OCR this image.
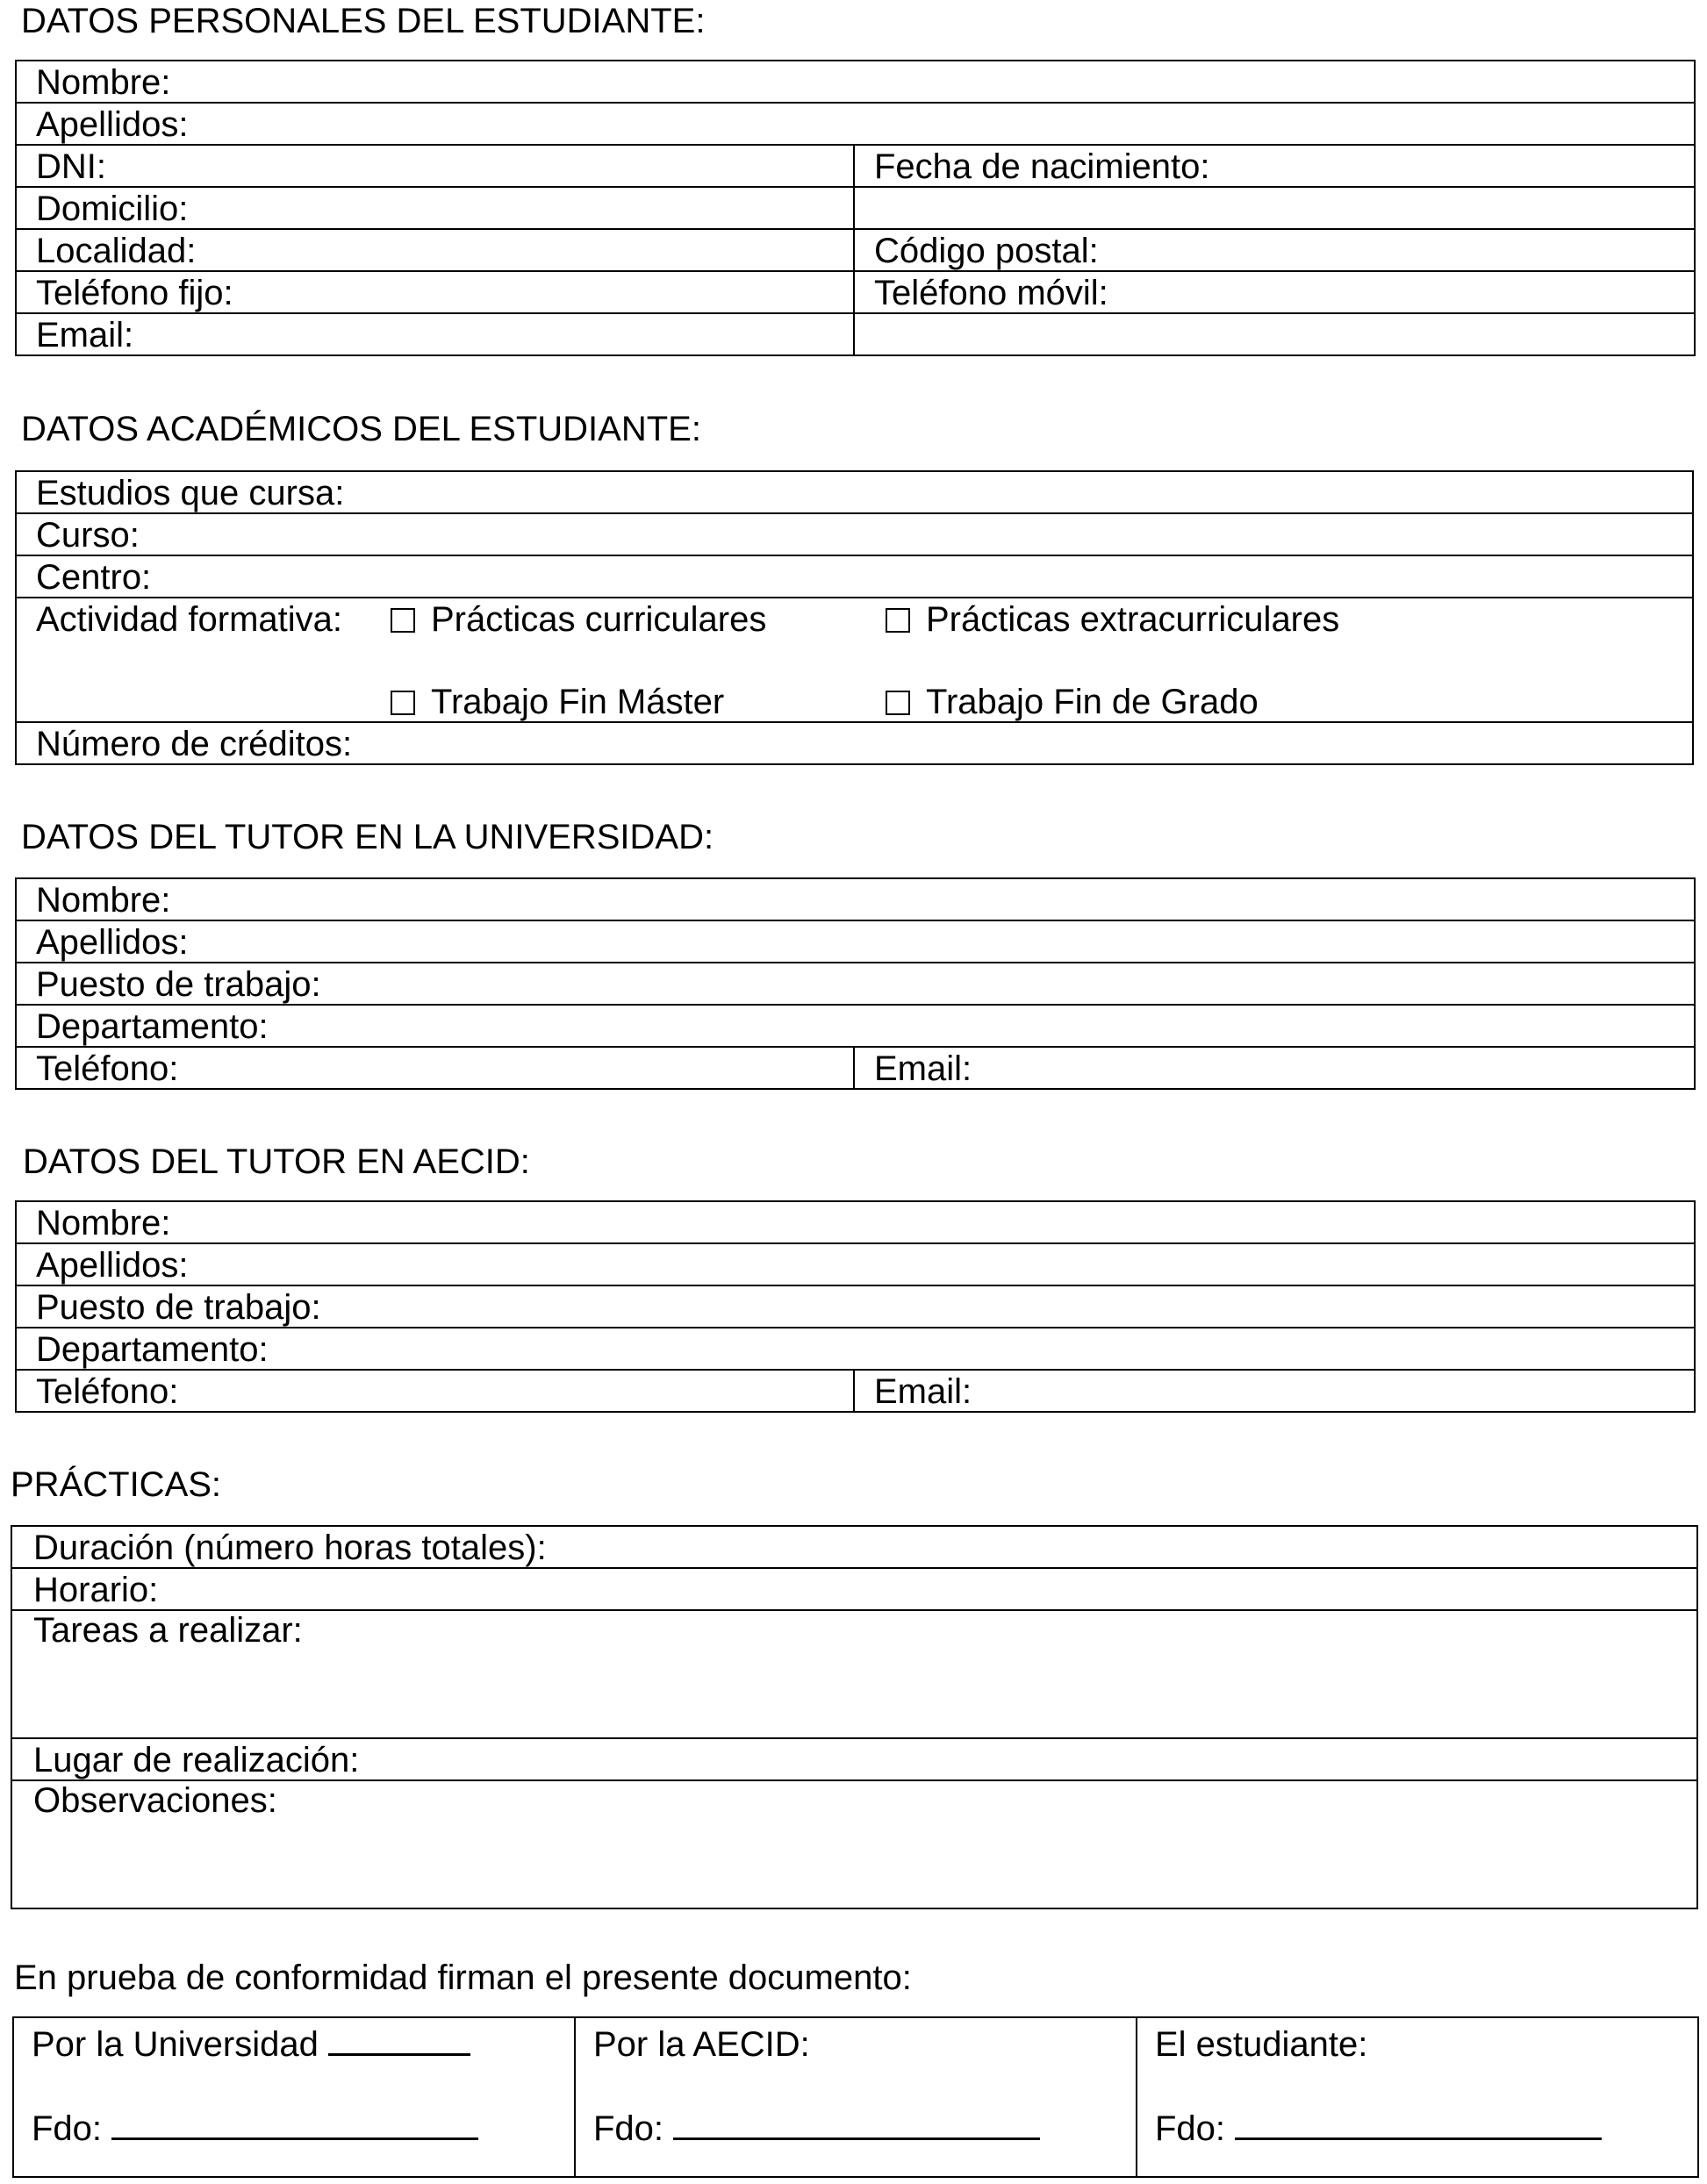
DATOS PERSONALES DEL ESTUDIANTE:
Nombre:	
Apellidos:	
DNI:	Fecha de nacimiento:
Domicilio:	
Localidad:	Código postal:
Teléfono fijo:	Teléfono móvil:
Email:	
DATOS ACADÉMICOS DEL ESTUDIANTE:
Estudios que cursa:
Curso:
Centro:

Actividad formativa:	Prácticas curriculares	Prácticas extracurriculares
Trabajo Fin Máster	Trabajo Fin de Grado

Número de créditos:
DATOS DEL TUTOR EN LA UNIVERSIDAD:
Nombre:
Apellidos:
Puesto de trabajo:
Departamento:
Teléfono:	Email:
DATOS DEL TUTOR EN AECID:
Nombre:
Apellidos:
Puesto de trabajo:
Departamento:
Teléfono:	Email:
PRÁCTICAS:
Duración (número horas totales):
Horario:
Tareas a realizar:
Lugar de realización:
Observaciones:
En prueba de conformidad firman el presente documento:
Por la Universidad
Fdo:

Por la AECID:
Fdo:

El estudiante:
Fdo:
